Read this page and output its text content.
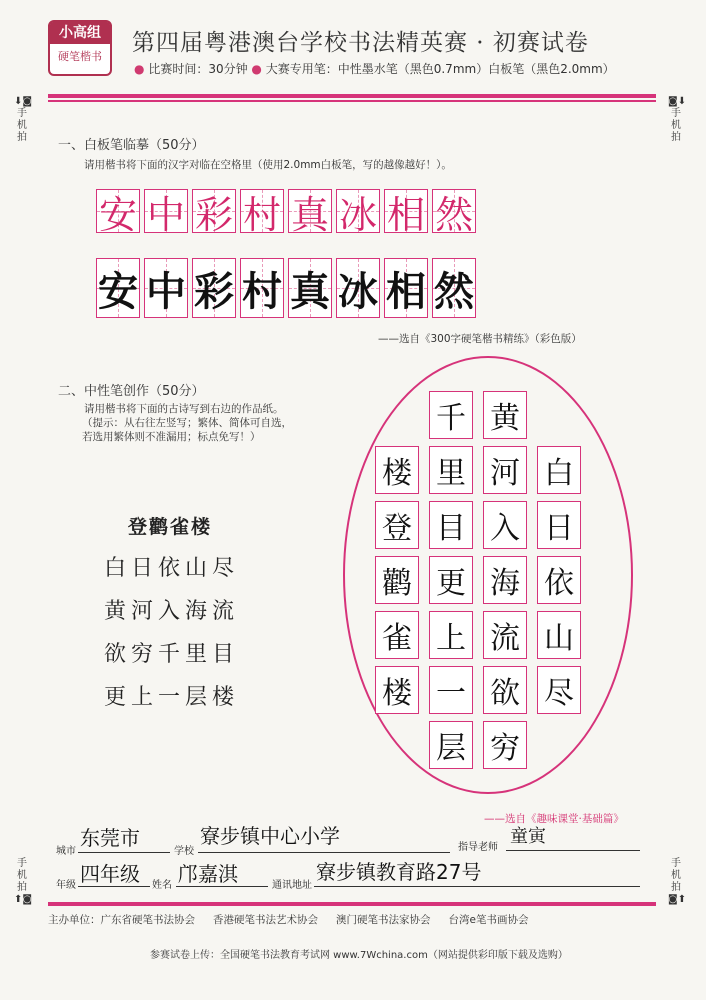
小高组
硬笔楷书
第四届粤港澳台学校书法精英赛 · 初赛试卷
● 比赛时间：30分钟 ● 大赛专用笔：中性墨水笔（黑色0.7mm）白板笔（黑色2.0mm）
⬇◙
手机拍
◙⬇
手机拍
手机拍
⬆◙
手机拍
◙⬆
一、白板笔临摹（50分）
请用楷书将下面的汉字对临在空格里（使用2.0mm白板笔，写的越像越好！）。
安 中 彩 村 真 冰 相 然
安 中 彩 村 真 冰 相 然
——选自《300字硬笔楷书精练》（彩色版）
二、中性笔创作（50分）
请用楷书将下面的古诗写到右边的作品纸。
（提示：从右往左竖写；繁体、简体可自选，
若选用繁体则不准漏用；标点免写！）
登鹳雀楼
白日依山尽
黄河入海流
欲穷千里目
更上一层楼
白
日
依
山
尽
黄
河
入
海
流
欲
穷
千
里
目
更
上
一
层
楼
登
鹳
雀
楼
——选自《趣味课堂·基础篇》
城市
东莞市
学校
寮步镇中心小学	指导老师
童寅
年级 四年级 姓名 邝嘉淇	通讯地址
寮步镇教育路27号
主办单位：广东省硬笔书法协会 香港硬笔书法艺术协会 澳门硬笔书法家协会 台湾e笔书画协会
参赛试卷上传：全国硬笔书法教育考试网 www.7Wchina.com（网站提供彩印版下载及选购）
